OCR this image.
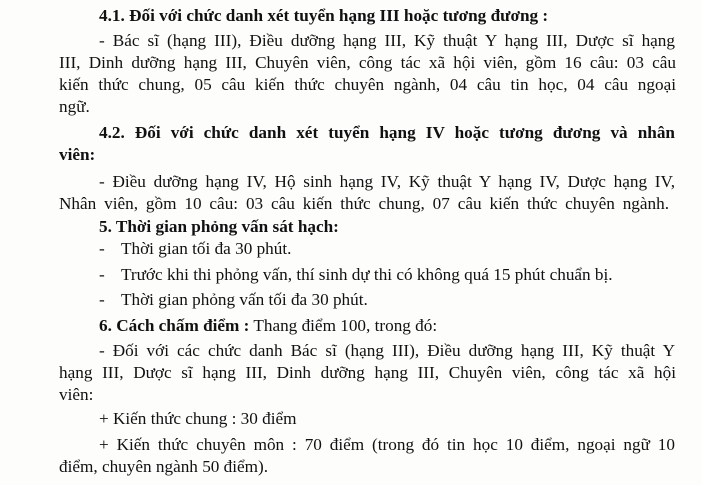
4.1. Đối với chức danh xét tuyển hạng III hoặc tương đương :
- Bác sĩ (hạng III), Điều dưỡng hạng III, Kỹ thuật Y hạng III, Dược sĩ hạng
III, Dinh dưỡng hạng III, Chuyên viên, công tác xã hội viên, gồm 16 câu: 03 câu
kiến thức chung, 05 câu kiến thức chuyên ngành, 04 câu tin học, 04 câu ngoại
ngữ.
4.2. Đối với chức danh xét tuyển hạng IV hoặc tương đương và nhân
viên:
- Điều dưỡng hạng IV, Hộ sinh hạng IV, Kỹ thuật Y hạng IV, Dược hạng IV,
Nhân viên, gồm 10 câu: 03 câu kiến thức chung, 07 câu kiến thức chuyên ngành.
5. Thời gian phỏng vấn sát hạch:
- Thời gian tối đa 30 phút.
- Trước khi thi phỏng vấn, thí sinh dự thi có không quá 15 phút chuẩn bị.
- Thời gian phỏng vấn tối đa 30 phút.
6. Cách chấm điểm : Thang điểm 100, trong đó:
- Đối với các chức danh Bác sĩ (hạng III), Điều dưỡng hạng III, Kỹ thuật Y
hạng III, Dược sĩ hạng III, Dinh dưỡng hạng III, Chuyên viên, công tác xã hội
viên:
+ Kiến thức chung : 30 điểm
+ Kiến thức chuyên môn : 70 điểm (trong đó tin học 10 điểm, ngoại ngữ 10
điểm, chuyên ngành 50 điểm).
